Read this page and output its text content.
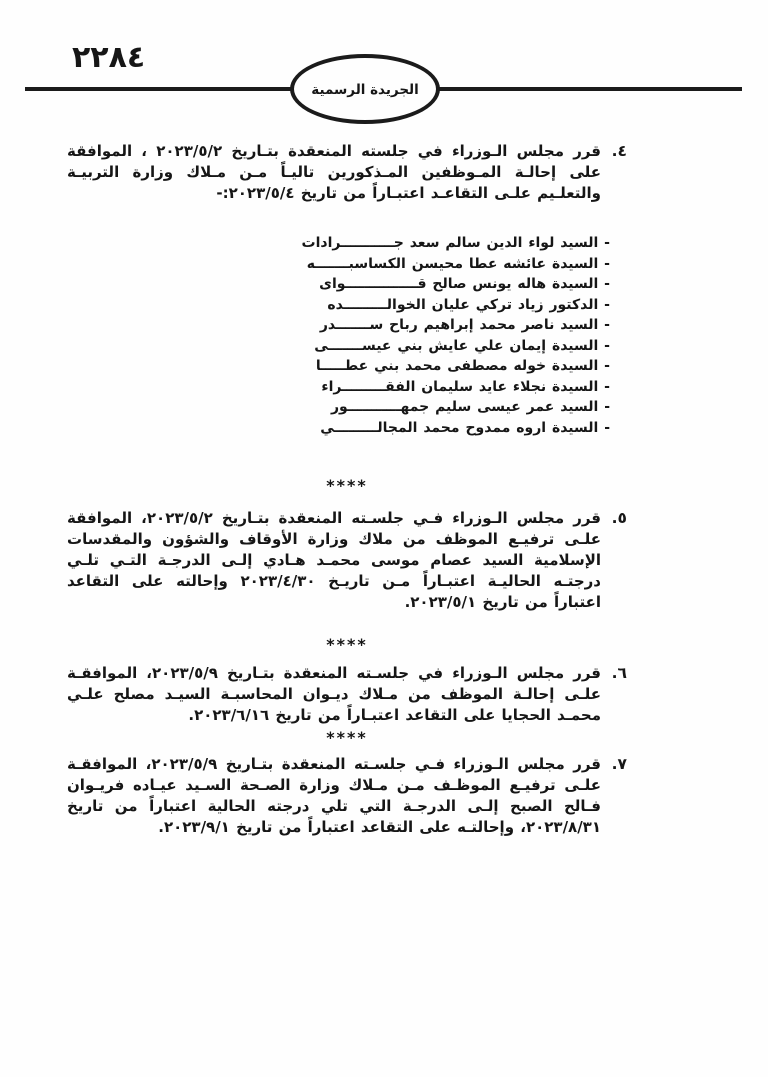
٢٢٨٤
الجريدة الرسمية
٤.
قرر مجلس الـوزراء في جلسته المنعقدة بتـاريخ ٢٠٢٣/٥/٢ ، الموافقة على إحالـة المـوظفين المـذكورين تاليـاً مـن مـلاك وزارة التربيـة والتعلـيم علـى التقاعـد اعتبـاراً من تاريخ ٢٠٢٣/٥/٤:-
- السيد لواء الدين سالم سعد جـــــــــــرادات
- السيدة عائشه عطا محيسن الكساسبـــــــه
- السيدة هاله يونس صالح قـــــــــــــــواى
- الدكتور زياد تركي عليان الخوالـــــــــده
- السيد ناصر محمد إبراهيم رباح ســـــــدر
- السيدة إيمان علي عايش بني عيســـــــى
- السيدة خوله مصطفى محمد بني عطـــــا
- السيدة نجلاء عايد سليمان الفقـــــــــراء
- السيد عمر عيسى سليم جمهـــــــــــور
- السيدة اروه ممدوح محمد المجالـــــــــي
****
٥.
قرر مجلس الـوزراء فـي جلسـته المنعقدة بتـاريخ ٢٠٢٣/٥/٢، الموافقة علـى ترفيـع الموظف من ملاك وزارة الأوقاف والشؤون والمقدسات الإسلامية السيد عصام موسى محمـد هـادي إلـى الدرجـة التـي تلـي درجتـه الحاليـة اعتبـاراً مـن تاريـخ ٢٠٢٣/٤/٣٠ وإحالته على التقاعد اعتباراً من تاريخ ٢٠٢٣/٥/١.
****
٦.
قرر مجلس الـوزراء في جلسـته المنعقدة بتـاريخ ٢٠٢٣/٥/٩، الموافقـة علـى إحالـة الموظف من مـلاك ديـوان المحاسبـة السيـد مصلح علـي محمـد الحجايا على التقاعد اعتبـاراً من تاريخ ٢٠٢٣/٦/١٦.
****
٧.
قرر مجلس الـوزراء فـي جلسـته المنعقدة بتـاريخ ٢٠٢٣/٥/٩، الموافقـة علـى ترفيـع الموظـف مـن مـلاك وزارة الصـحة السـيد عيـاده فريـوان فـالح الصبح إلـى الدرجـة التي تلي درجته الحالية اعتباراً من تاريخ ٢٠٢٣/٨/٣١، وإحالتـه على التقاعد اعتباراً من تاريخ ٢٠٢٣/٩/١.
